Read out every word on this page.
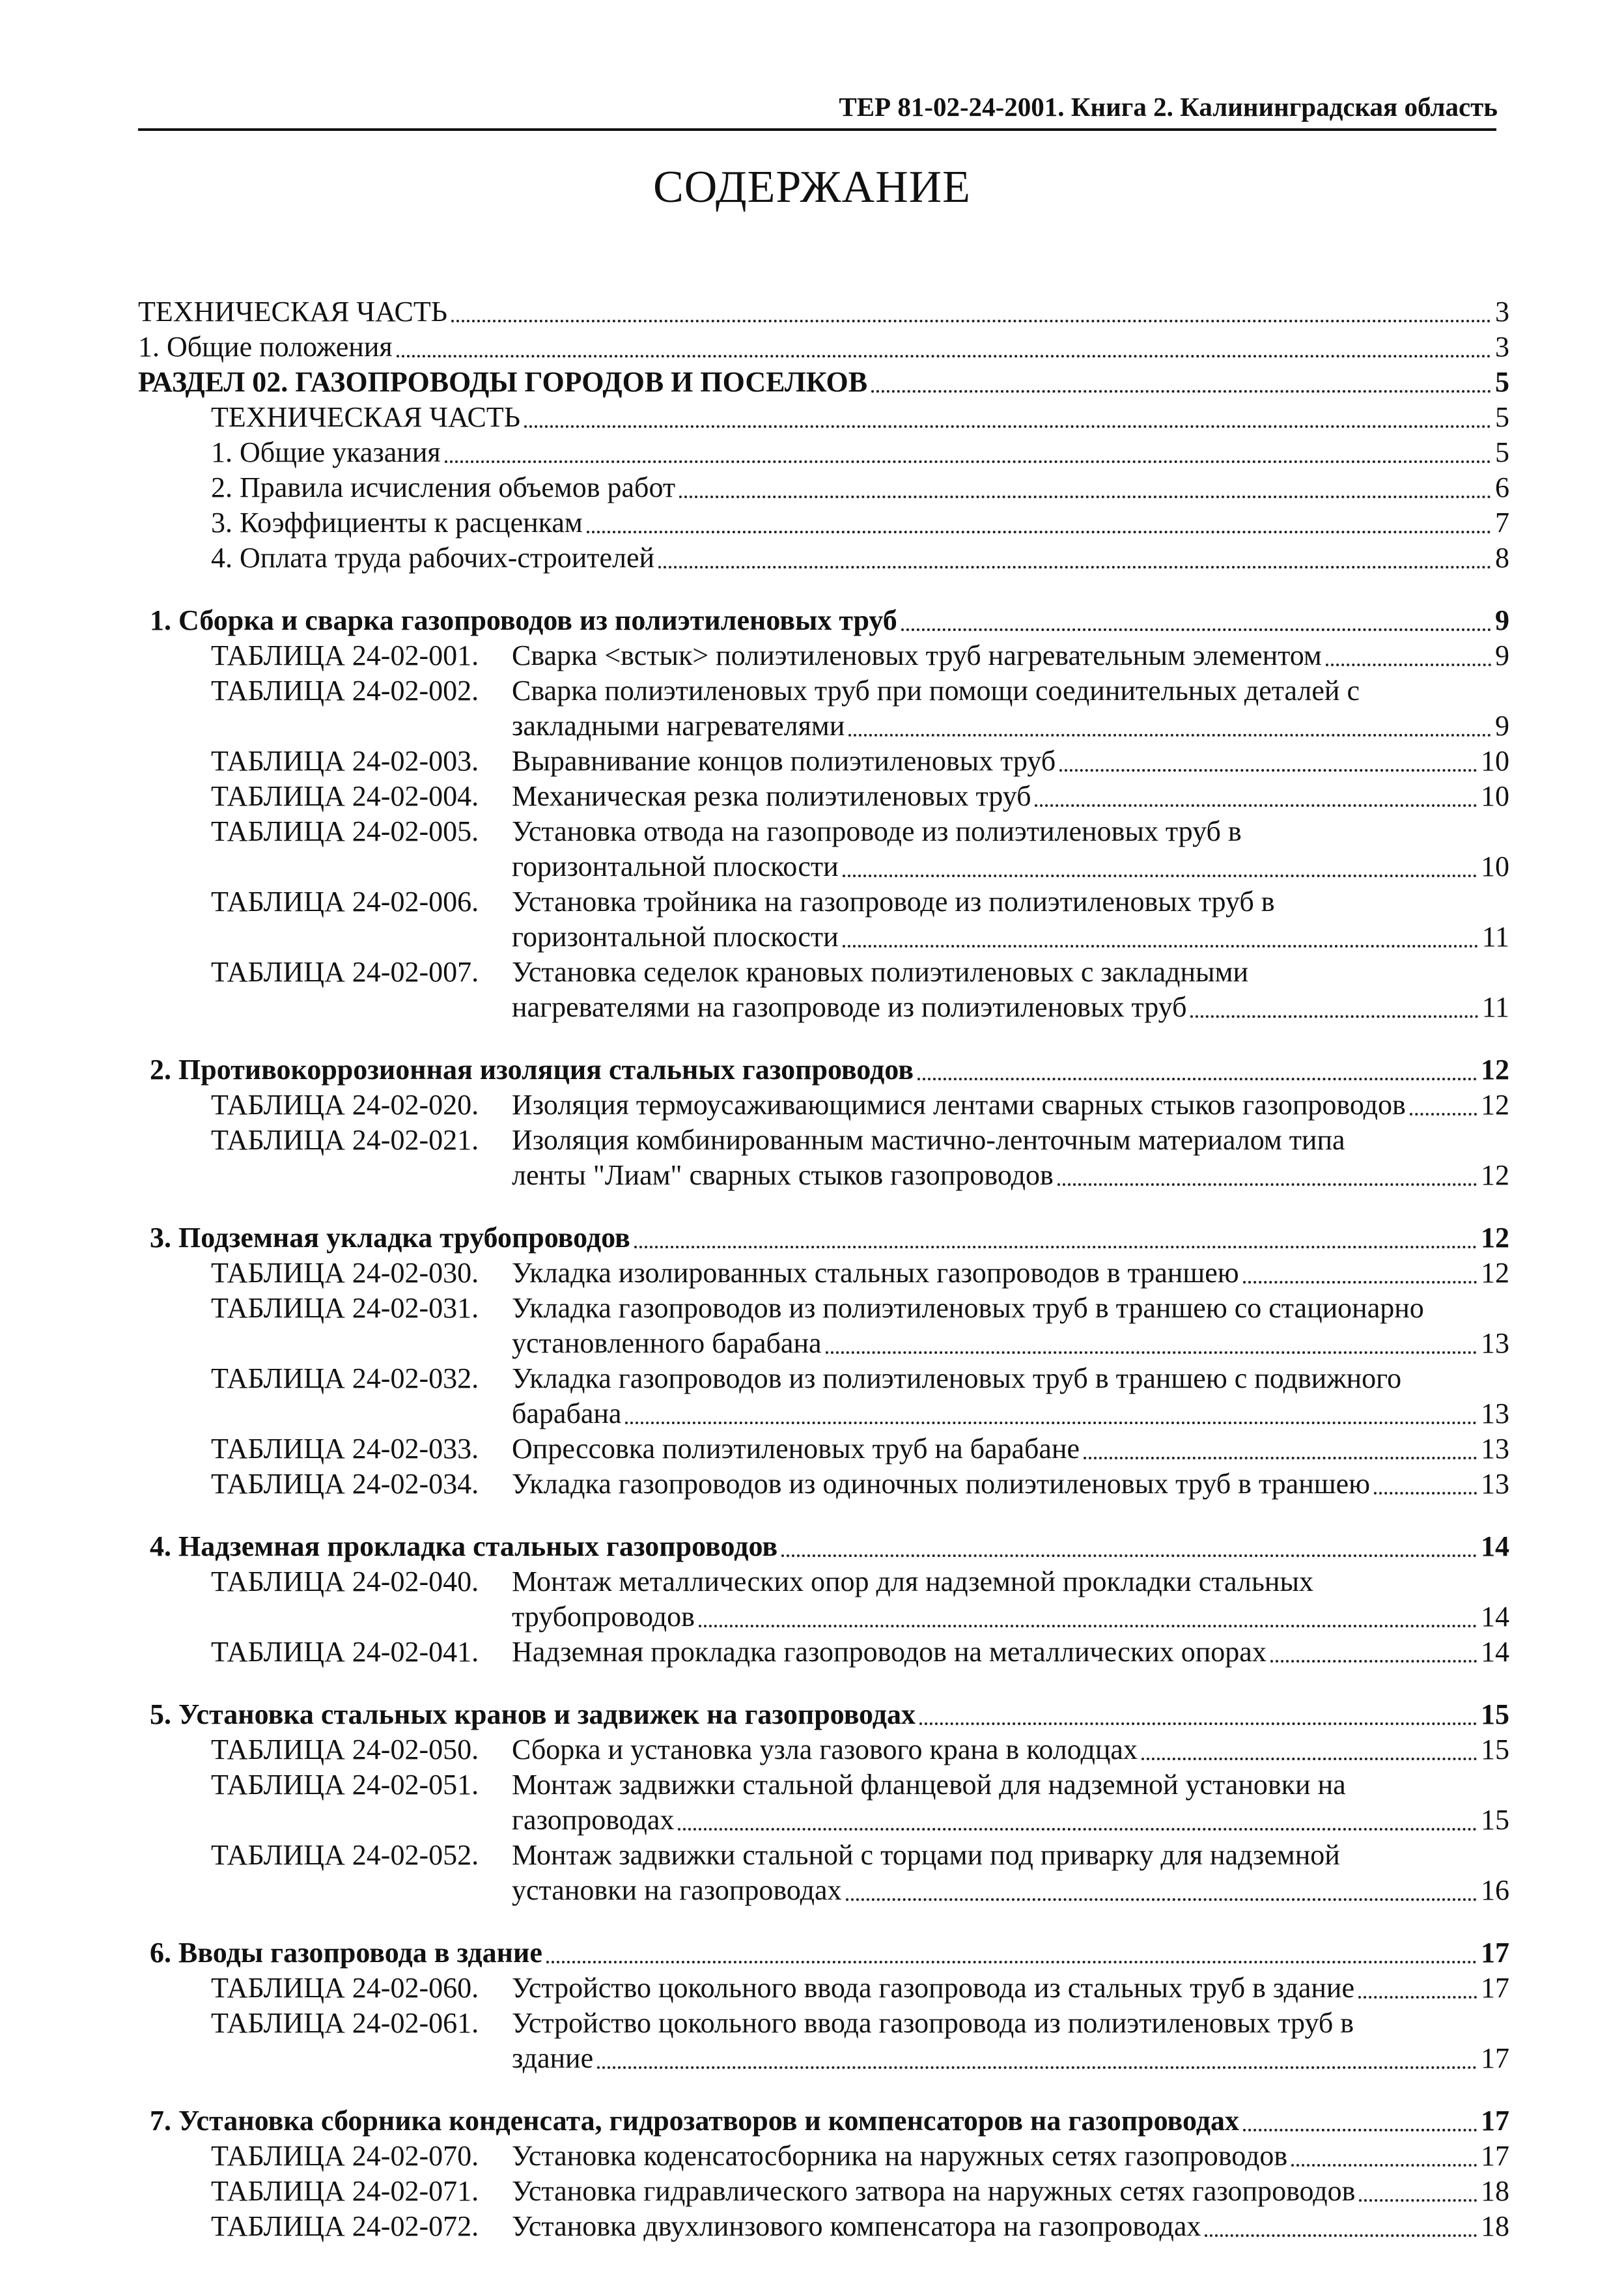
ТЕР 81-02-24-2001. Книга 2. Калининградская область
СОДЕРЖАНИЕ
ТЕХНИЧЕСКАЯ ЧАСТЬ	3
1. Общие положения	3
РАЗДЕЛ 02. ГАЗОПРОВОДЫ ГОРОДОВ И ПОСЕЛКОВ	5
ТЕХНИЧЕСКАЯ ЧАСТЬ	5
1. Общие указания	5
2. Правила исчисления объемов работ	6
3. Коэффициенты к расценкам	7
4. Оплата труда рабочих-строителей	8
1. Сборка и сварка газопроводов из полиэтиленовых труб	9
ТАБЛИЦА 24-02-001. Сварка <встык> полиэтиленовых труб нагревательным элементом	9
ТАБЛИЦА 24-02-002. Сварка полиэтиленовых труб при помощи соединительных деталей с
закладными нагревателями	9
ТАБЛИЦА 24-02-003. Выравнивание концов полиэтиленовых труб	10
ТАБЛИЦА 24-02-004. Механическая резка полиэтиленовых труб	10
ТАБЛИЦА 24-02-005. Установка отвода на газопроводе из полиэтиленовых труб в
горизонтальной плоскости	10
ТАБЛИЦА 24-02-006. Установка тройника на газопроводе из полиэтиленовых труб в
горизонтальной плоскости	11
ТАБЛИЦА 24-02-007. Установка седелок крановых полиэтиленовых с закладными
нагревателями на газопроводе из полиэтиленовых труб	11
2. Противокоррозионная изоляция стальных газопроводов	12
ТАБЛИЦА 24-02-020. Изоляция термоусаживающимися лентами сварных стыков газопроводов	12
ТАБЛИЦА 24-02-021. Изоляция комбинированным мастично-ленточным материалом типа
ленты "Лиам" сварных стыков газопроводов	12
3. Подземная укладка трубопроводов	12
ТАБЛИЦА 24-02-030. Укладка изолированных стальных газопроводов в траншею	12
ТАБЛИЦА 24-02-031. Укладка газопроводов из полиэтиленовых труб в траншею со стационарно
установленного барабана	13
ТАБЛИЦА 24-02-032. Укладка газопроводов из полиэтиленовых труб в траншею с подвижного
барабана	13
ТАБЛИЦА 24-02-033. Опрессовка полиэтиленовых труб на барабане	13
ТАБЛИЦА 24-02-034. Укладка газопроводов из одиночных полиэтиленовых труб в траншею	13
4. Надземная прокладка стальных газопроводов	14
ТАБЛИЦА 24-02-040. Монтаж металлических опор для надземной прокладки стальных
трубопроводов	14
ТАБЛИЦА 24-02-041. Надземная прокладка газопроводов на металлических опорах	14
5. Установка стальных кранов и задвижек на газопроводах	15
ТАБЛИЦА 24-02-050. Сборка и установка узла газового крана в колодцах	15
ТАБЛИЦА 24-02-051. Монтаж задвижки стальной фланцевой для надземной установки на
газопроводах	15
ТАБЛИЦА 24-02-052. Монтаж задвижки стальной с торцами под приварку для надземной
установки на газопроводах	16
6. Вводы газопровода в здание	17
ТАБЛИЦА 24-02-060. Устройство цокольного ввода газопровода из стальных труб в здание	17
ТАБЛИЦА 24-02-061. Устройство цокольного ввода газопровода из полиэтиленовых труб в
здание	17
7. Установка сборника конденсата, гидрозатворов и компенсаторов на газопроводах	17
ТАБЛИЦА 24-02-070. Установка коденсатосборника на наружных сетях газопроводов	17
ТАБЛИЦА 24-02-071. Установка гидравлического затвора на наружных сетях газопроводов	18
ТАБЛИЦА 24-02-072. Установка двухлинзового компенсатора на газопроводах	18
